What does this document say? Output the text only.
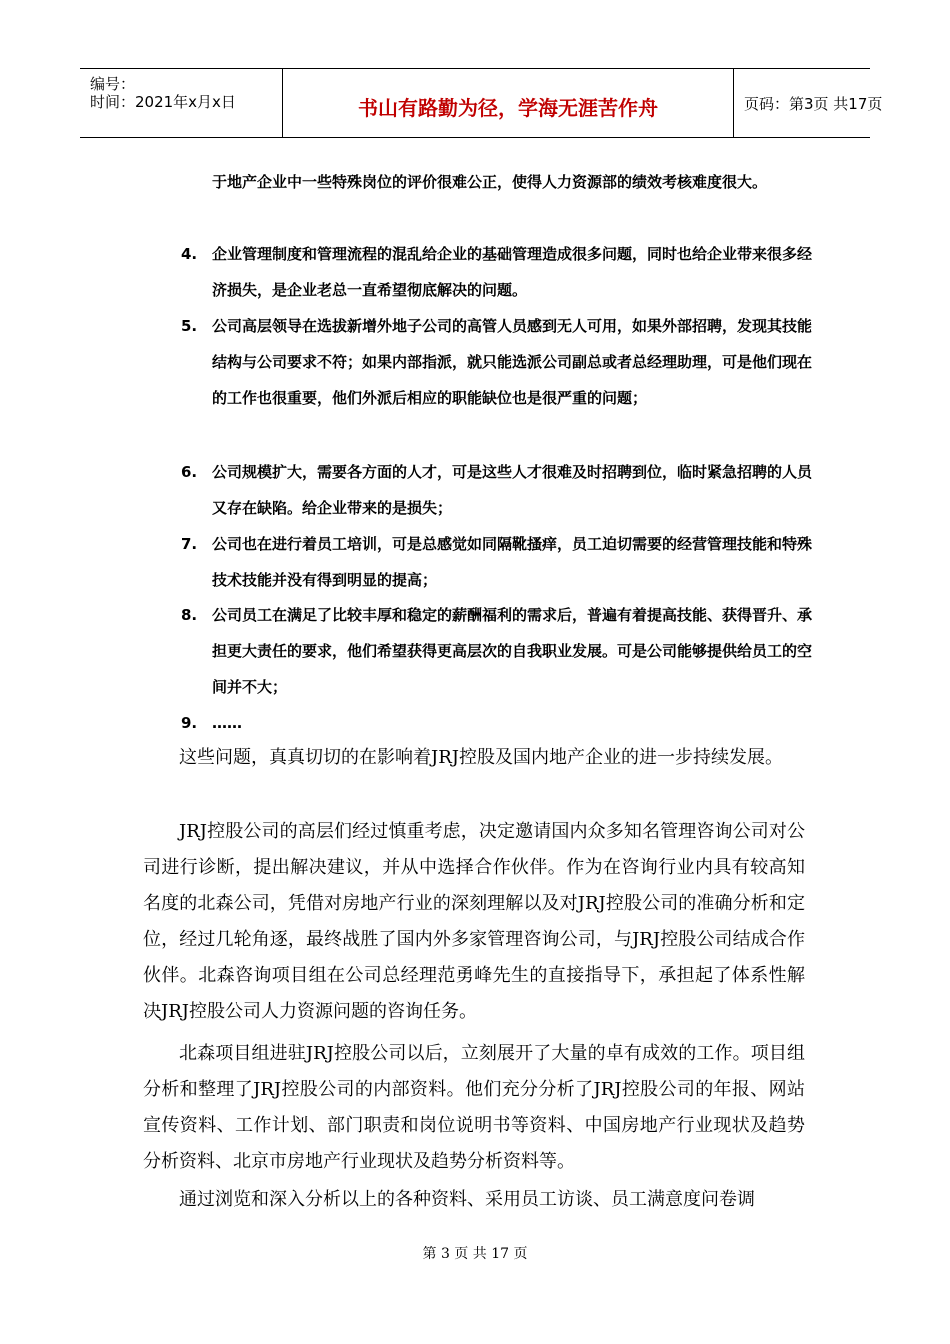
编号：
时间：2021年x月x日	书山有路勤为径，学海无涯苦作舟	页码：第3页 共17页
于地产企业中一些特殊岗位的评价很难公正，使得人力资源部的绩效考核难度很大。
4. 企业管理制度和管理流程的混乱给企业的基础管理造成很多问题，同时也给企业带来很多经济损失，是企业老总一直希望彻底解决的问题。
5. 公司高层领导在选拔新增外地子公司的高管人员感到无人可用，如果外部招聘，发现其技能结构与公司要求不符；如果内部指派，就只能选派公司副总或者总经理助理，可是他们现在的工作也很重要，他们外派后相应的职能缺位也是很严重的问题；
6. 公司规模扩大，需要各方面的人才，可是这些人才很难及时招聘到位，临时紧急招聘的人员又存在缺陷。给企业带来的是损失；
7. 公司也在进行着员工培训，可是总感觉如同隔靴搔痒，员工迫切需要的经营管理技能和特殊技术技能并没有得到明显的提高；
8. 公司员工在满足了比较丰厚和稳定的薪酬福利的需求后，普遍有着提高技能、获得晋升、承担更大责任的要求，他们希望获得更高层次的自我职业发展。可是公司能够提供给员工的空间并不大；
9. ……
这些问题，真真切切的在影响着JRJ控股及国内地产企业的进一步持续发展。
JRJ控股公司的高层们经过慎重考虑，决定邀请国内众多知名管理咨询公司对公司进行诊断，提出解决建议，并从中选择合作伙伴。作为在咨询行业内具有较高知名度的北森公司，凭借对房地产行业的深刻理解以及对JRJ控股公司的准确分析和定位，经过几轮角逐，最终战胜了国内外多家管理咨询公司，与JRJ控股公司结成合作伙伴。北森咨询项目组在公司总经理范勇峰先生的直接指导下，承担起了体系性解决JRJ控股公司人力资源问题的咨询任务。
北森项目组进驻JRJ控股公司以后，立刻展开了大量的卓有成效的工作。项目组分析和整理了JRJ控股公司的内部资料。他们充分分析了JRJ控股公司的年报、网站宣传资料、工作计划、部门职责和岗位说明书等资料、中国房地产行业现状及趋势分析资料、北京市房地产行业现状及趋势分析资料等。
通过浏览和深入分析以上的各种资料、采用员工访谈、员工满意度问卷调
第 3 页 共 17 页
